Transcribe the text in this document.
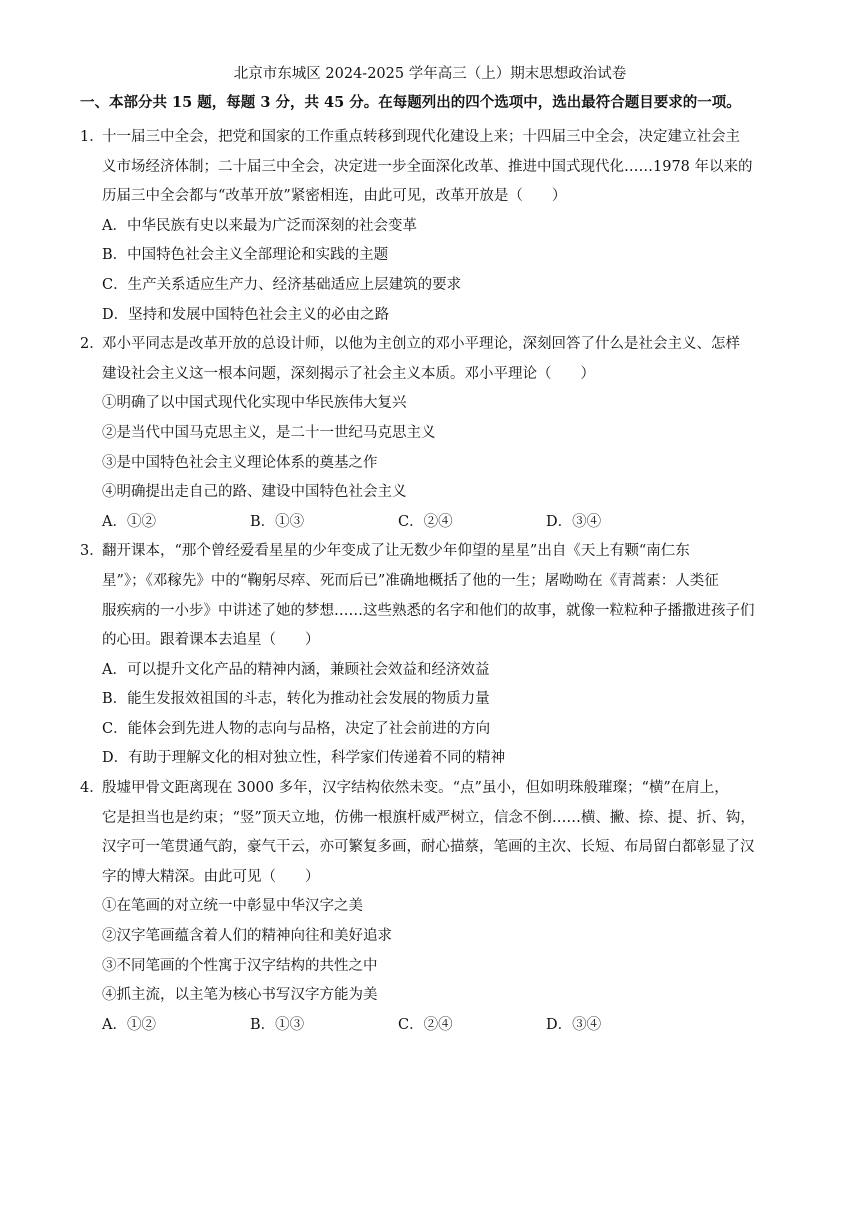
北京市东城区 2024-2025 学年高三（上）期末思想政治试卷
一、本部分共 15 题，每题 3 分，共 45 分。在每题列出的四个选项中，选出最符合题目要求的一项。
1．十一届三中全会，把党和国家的工作重点转移到现代化建设上来；十四届三中全会，决定建立社会主
义市场经济体制；二十届三中全会，决定进一步全面深化改革、推进中国式现代化……1978 年以来的
历届三中全会都与“改革开放”紧密相连，由此可见，改革开放是（　　）
A．中华民族有史以来最为广泛而深刻的社会变革
B．中国特色社会主义全部理论和实践的主题
C．生产关系适应生产力、经济基础适应上层建筑的要求
D．坚持和发展中国特色社会主义的必由之路
2．邓小平同志是改革开放的总设计师，以他为主创立的邓小平理论，深刻回答了什么是社会主义、怎样
建设社会主义这一根本问题，深刻揭示了社会主义本质。邓小平理论（　　）
①明确了以中国式现代化实现中华民族伟大复兴
②是当代中国马克思主义，是二十一世纪马克思主义
③是中国特色社会主义理论体系的奠基之作
④明确提出走自己的路、建设中国特色社会主义
A．①②	B．①③	C．②④	D．③④
3．翻开课本，“那个曾经爱看星星的少年变成了让无数少年仰望的星星”出自《天上有颗“南仁东
星”》；《邓稼先》中的“鞠躬尽瘁、死而后已”准确地概括了他的一生；屠呦呦在《青蒿素：人类征
服疾病的一小步》中讲述了她的梦想……这些熟悉的名字和他们的故事，就像一粒粒种子播撒进孩子们
的心田。跟着课本去追星（　　）
A．可以提升文化产品的精神内涵，兼顾社会效益和经济效益
B．能生发报效祖国的斗志，转化为推动社会发展的物质力量
C．能体会到先进人物的志向与品格，决定了社会前进的方向
D．有助于理解文化的相对独立性，科学家们传递着不同的精神
4．殷墟甲骨文距离现在 3000 多年，汉字结构依然未变。“点”虽小，但如明珠般璀璨；“横”在肩上，
它是担当也是约束；“竖”顶天立地，仿佛一根旗杆威严树立，信念不倒……横、撇、捺、提、折、钩，
汉字可一笔贯通气韵，豪气干云，亦可繁复多画，耐心描蔡，笔画的主次、长短、布局留白都彰显了汉
字的博大精深。由此可见（　　）
①在笔画的对立统一中彰显中华汉字之美
②汉字笔画蕴含着人们的精神向往和美好追求
③不同笔画的个性寓于汉字结构的共性之中
④抓主流，以主笔为核心书写汉字方能为美
A．①②	B．①③	C．②④	D．③④
